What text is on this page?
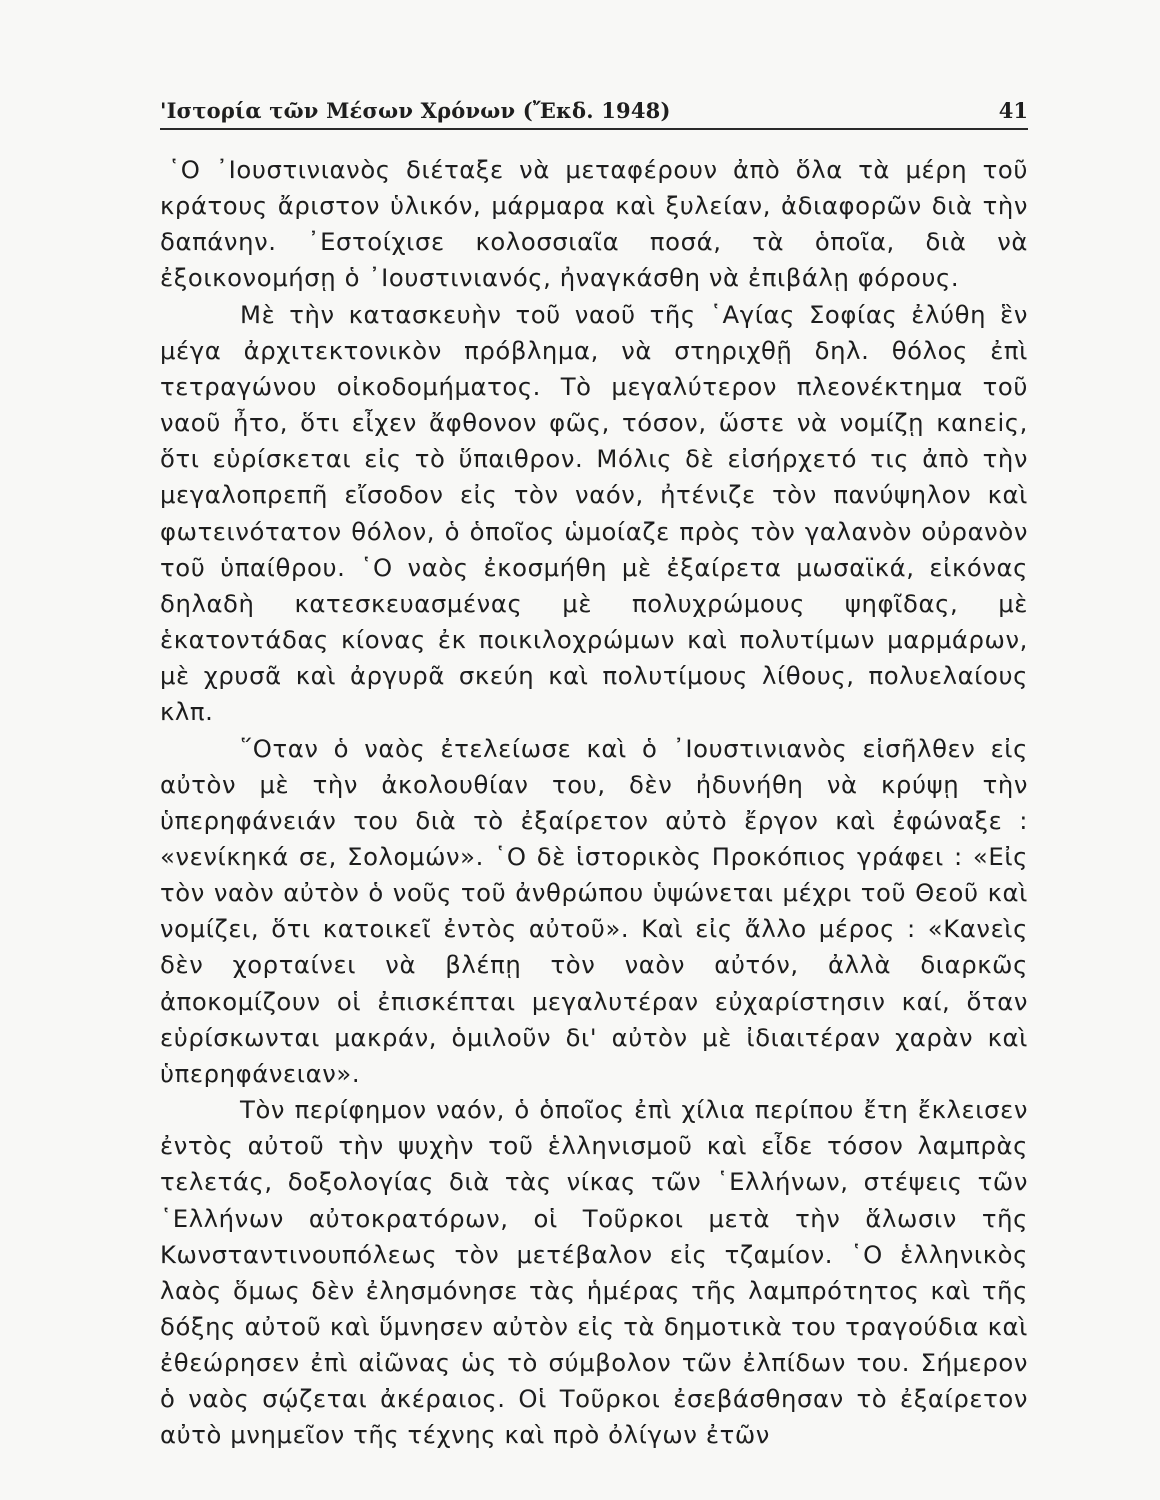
'Ιστορία τῶν Μέσων Χρόνων (Ἔκδ. 1948)	41

῾Ο ᾿Ιουστινιανὸς διέταξε νὰ μεταφέρουν ἀπὸ ὅλα τὰ μέρη τοῦ κράτους ἄριστον ὑλικόν, μάρμαρα καὶ ξυλείαν, ἀδιαφορῶν διὰ τὴν δαπάνην. ᾿Εστοίχισε κολοσσιαῖα ποσά, τὰ ὁποῖα, διὰ νὰ ἐξοικονομήσῃ ὁ ᾿Ιουστινιανός, ἠναγκάσθη νὰ ἐπιβάλῃ φόρους.

Μὲ τὴν κατασκευὴν τοῦ ναοῦ τῆς ῾Αγίας Σοφίας ἐλύθη ἓν μέγα ἀρχιτεκτονικὸν πρόβλημα, νὰ στηριχθῇ δηλ. θόλος ἐπὶ τετραγώνου οἰκοδομήματος. Τὸ μεγαλύτερον πλεονέκτημα τοῦ ναοῦ ἦτο, ὅτι εἶχεν ἄφθονον φῶς, τόσον, ὥστε νὰ νομίζῃ καnεiς, ὅτι εὑρίσκεται εἰς τὸ ὕπαιθρον. Μόλις δὲ εἰσήρχετό τις ἀπὸ τὴν μεγαλοπρεπῆ εἴσοδον εἰς τὸν ναόν, ἠτένιζε τὸν πανύψηλον καὶ φωτεινότατον θόλον, ὁ ὁποῖος ὡμοίαζε πρὸς τὸν γαλανὸν οὐρανὸν τοῦ ὑπαίθρου. ῾Ο ναὸς ἐκοσμήθη μὲ ἐξαίρετα μωσαϊκά, εἰκόνας δηλαδὴ κατεσκευασμένας μὲ πολυχρώμους ψηφῖδας, μὲ ἑκατοντάδας κίονας ἐκ ποικιλοχρώμων καὶ πολυτίμων μαρμάρων, μὲ χρυσᾶ καὶ ἀργυρᾶ σκεύη καὶ πολυτίμους λίθους, πολυελαίους κλπ.

῞Οταν ὁ ναὸς ἐτελείωσε καὶ ὁ ᾿Ιουστινιανὸς εἰσῆλθεν εἰς αὐτὸν μὲ τὴν ἀκολουθίαν του, δὲν ἠδυνήθη νὰ κρύψῃ τὴν ὑπερηφάνειάν του διὰ τὸ ἐξαίρετον αὐτὸ ἔργον καὶ ἐφώναξε : «νενίκηκά σε, Σολομών». ῾Ο δὲ ἱστορικὸς Προκόπιος γράφει : «Εἰς τὸν ναὸν αὐτὸν ὁ νοῦς τοῦ ἀνθρώπου ὑψώνεται μέχρι τοῦ Θεοῦ καὶ νομίζει, ὅτι κατοικεῖ ἐντὸς αὐτοῦ». Καὶ εἰς ἄλλο μέρος : «Κανεὶς δὲν χορταίνει νὰ βλέπῃ τὸν ναὸν αὐτόν, ἀλλὰ διαρκῶς ἀποκομίζουν οἱ ἐπισκέπται μεγαλυτέραν εὐχαρίστησιν καί, ὅταν εὑρίσκωνται μακράν, ὁμιλοῦν δι' αὐτὸν μὲ ἰδιαιτέραν χαρὰν καὶ ὑπερηφάνειαν».

Τὸν περίφημον ναόν, ὁ ὁποῖος ἐπὶ χίλια περίπου ἔτη ἔκλεισεν ἐντὸς αὐτοῦ τὴν ψυχὴν τοῦ ἑλληνισμοῦ καὶ εἶδε τόσον λαμπρὰς τελετάς, δοξολογίας διὰ τὰς νίκας τῶν ῾Ελλήνων, στέψεις τῶν ῾Ελλήνων αὐτοκρατόρων, οἱ Τοῦρκοι μετὰ τὴν ἅλωσιν τῆς Κωνσταντινουπόλεως τὸν μετέβαλον εἰς τζαμίον. ῾Ο ἑλληνικὸς λαὸς ὅμως δὲν ἐλησμόνησε τὰς ἡμέρας τῆς λαμπρότητος καὶ τῆς δόξης αὐτοῦ καὶ ὕμνησεν αὐτὸν εἰς τὰ δημοτικὰ του τραγούδια καὶ ἐθεώρησεν ἐπὶ αἰῶνας ὡς τὸ σύμβολον τῶν ἐλπίδων του. Σήμερον ὁ ναὸς σῴζεται ἀκέραιος. Οἱ Τοῦρκοι ἐσεβάσθησαν τὸ ἐξαίρετον αὐτὸ μνημεῖον τῆς τέχνης καὶ πρὸ ὀλίγων ἐτῶν
